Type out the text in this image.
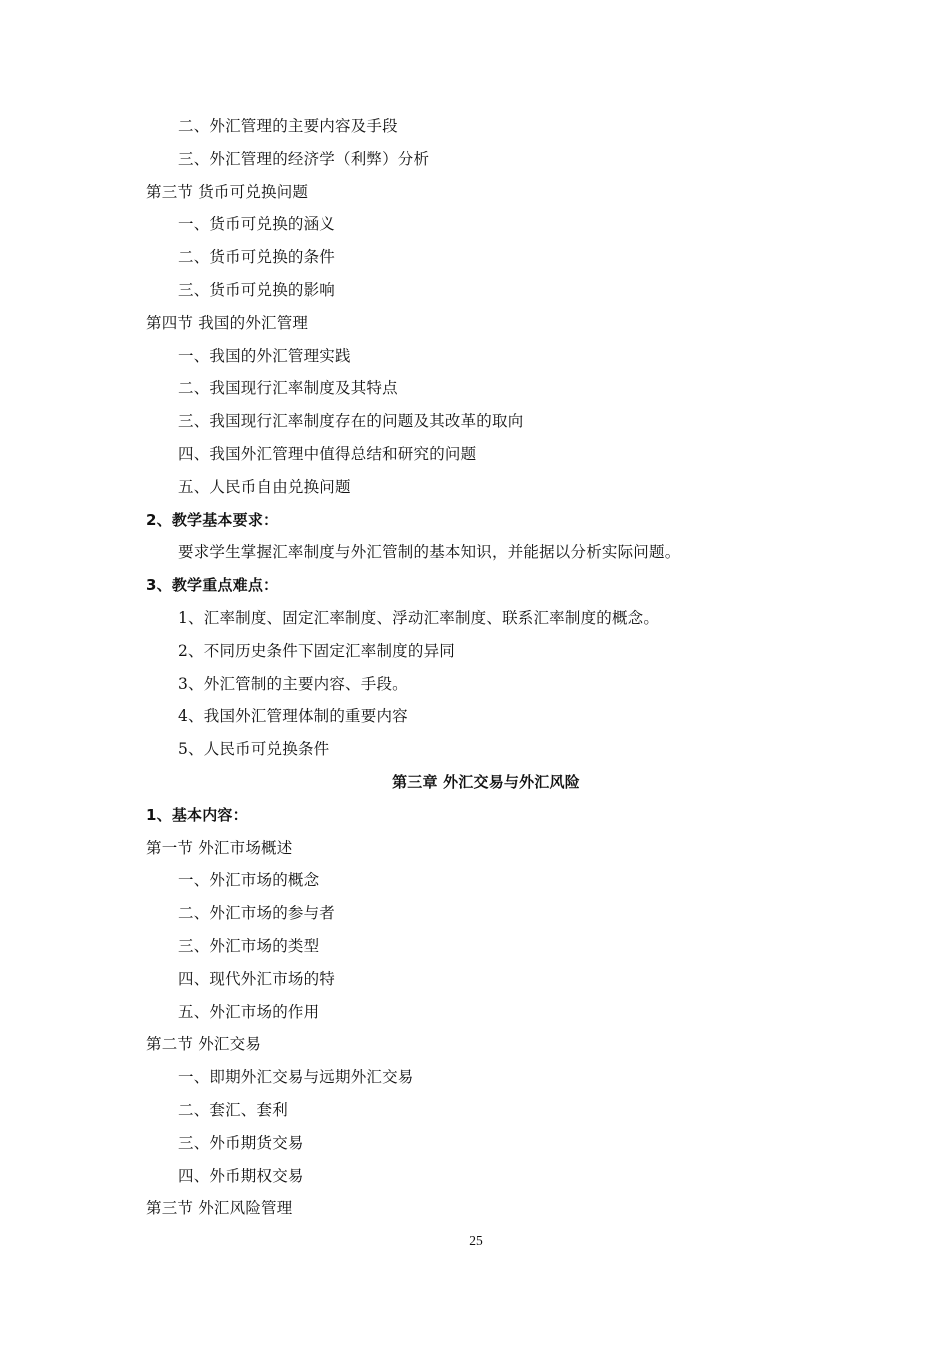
二、外汇管理的主要内容及手段
三、外汇管理的经济学（利弊）分析
第三节 货币可兑换问题
一、货币可兑换的涵义
二、货币可兑换的条件
三、货币可兑换的影响
第四节 我国的外汇管理
一、我国的外汇管理实践
二、我国现行汇率制度及其特点
三、我国现行汇率制度存在的问题及其改革的取向
四、我国外汇管理中值得总结和研究的问题
五、人民币自由兑换问题
2、教学基本要求：
要求学生掌握汇率制度与外汇管制的基本知识，并能据以分析实际问题。
3、教学重点难点：
1、汇率制度、固定汇率制度、浮动汇率制度、联系汇率制度的概念。
2、不同历史条件下固定汇率制度的异同
3、外汇管制的主要内容、手段。
4、我国外汇管理体制的重要内容
5、人民币可兑换条件
第三章 外汇交易与外汇风险
1、基本内容：
第一节 外汇市场概述
一、外汇市场的概念
二、外汇市场的参与者
三、外汇市场的类型
四、现代外汇市场的特
五、外汇市场的作用
第二节 外汇交易
一、即期外汇交易与远期外汇交易
二、套汇、套利
三、外币期货交易
四、外币期权交易
第三节 外汇风险管理
25
